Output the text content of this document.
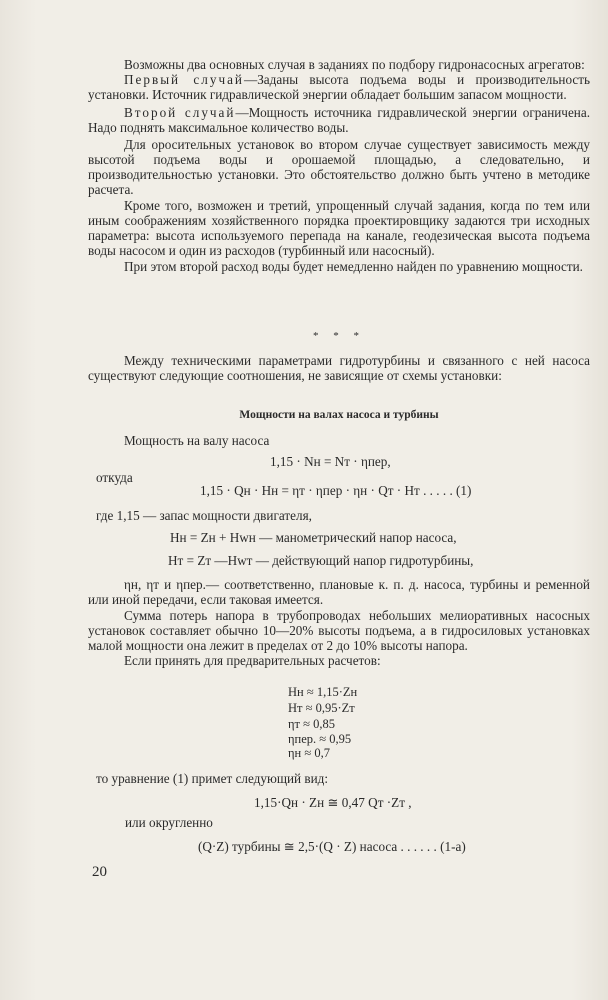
Возможны два основных случая в заданиях по подбору гидронасосных агрегатов:

Первый случай—Заданы высота подъема воды и производительность установки. Источник гидравлической энергии обладает большим запасом мощности.

Второй случай—Мощность источника гидравлической энергии ограничена. Надо поднять максимальное количество воды.

Для оросительных установок во втором случае существует зависимость между высотой подъема воды и орошаемой площадью, а следовательно, и производительностью установки. Это обстоятельство должно быть учтено в методике расчета.

Кроме того, возможен и третий, упрощенный случай задания, когда по тем или иным соображениям хозяйственного порядка проектировщику задаются три исходных параметра: высота используемого перепада на канале, геодезическая высота подъема воды насосом и один из расходов (турбинный или насосный).

При этом второй расход воды будет немедленно найден по уравнению мощности.

* * *

Между техническими параметрами гидротурбины и связанного с ней насоса существуют следующие соотношения, не зависящие от схемы установки:

Мощности на валах насоса и турбины
Мощность на валу насоса
1,15 · Nн = Nт · ηпер,
откуда
1,15 · Qн · Hн = ηт · ηпер · ηн · Qт · Hт . . . . . (1)
где 1,15 — запас мощности двигателя,
Hн = Zн + Hwн — манометрический напор насоса,
Hт = Zт —Hwт — действующий напор гидротурбины,

ηн, ηт и ηпер.— соответственно, плановые к. п. д. насоса, турбины и ременной или иной передачи, если таковая имеется.

Сумма потерь напора в трубопроводах небольших мелиоративных насосных установок составляет обычно 10—20% высоты подъема, а в гидросиловых установках малой мощности она лежит в пределах от 2 до 10% высоты напора.

Если принять для предварительных расчетов:

Hн ≈ 1,15·Zн
Hт ≈ 0,95·Zт
ηт ≈ 0,85
ηпер. ≈ 0,95
ηн ≈ 0,7
то уравнение (1) примет следующий вид:
1,15·Qн · Zн ≅ 0,47 Qт ·Zт ,
или округленно
(Q·Z) турбины ≅ 2,5·(Q · Z) насоса . . . . . . (1-а)
20
